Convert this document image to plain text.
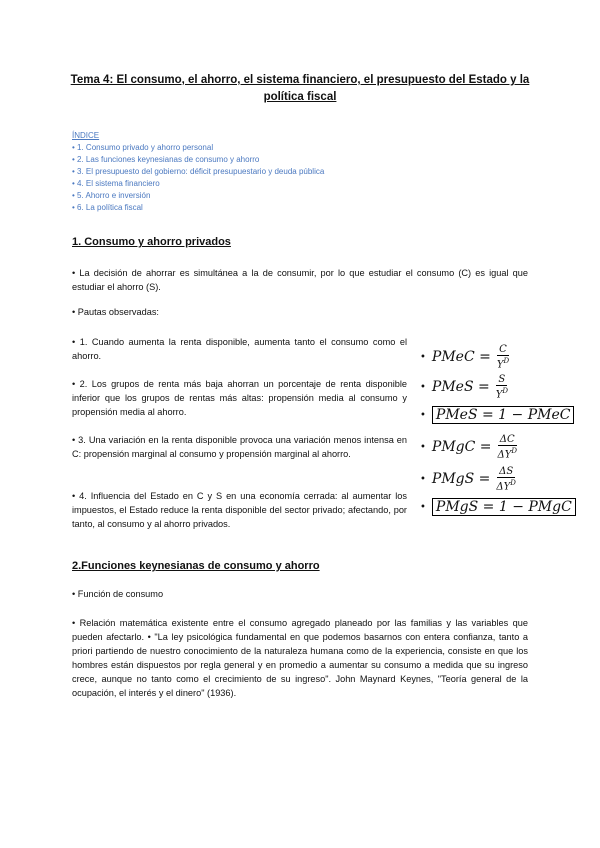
Tema 4: El consumo, el ahorro, el sistema financiero, el presupuesto del Estado y la política fiscal
ÍNDICE
• 1. Consumo privado y ahorro personal
• 2. Las funciones keynesianas de consumo y ahorro
• 3. El presupuesto del gobierno: déficit presupuestario y deuda pública
• 4. El sistema financiero
• 5. Ahorro e inversión
• 6. La política fiscal
1. Consumo y ahorro privados
• La decisión de ahorrar es simultánea a la de consumir, por lo que estudiar el consumo (C) es igual que estudiar el ahorro (S).
• Pautas observadas:
• 1. Cuando aumenta la renta disponible, aumenta tanto el consumo como el ahorro.
• 2. Los grupos de renta más baja ahorran un porcentaje de renta disponible inferior que los grupos de rentas más altas: propensión media al consumo y propensión media al ahorro.
• 3. Una variación en la renta disponible provoca una variación menos intensa en C: propensión marginal al consumo y propensión marginal al ahorro.
• 4. Influencia del Estado en C y S en una economía cerrada: al aumentar los impuestos, el Estado reduce la renta disponible del sector privado; afectando, por tanto, al consumo y al ahorro privados.
• PMeC = $\frac{C}{Y^D}$
• PMeS = $\frac{S}{Y^D}$
• PMeS = 1 − PMeC
• PMgC = $\frac{\Delta C}{\Delta Y^D}$
• PMgS = $\frac{\Delta S}{\Delta Y^D}$
• PMgS = 1 − PMgC
2.Funciones keynesianas de consumo y ahorro
• Función de consumo
• Relación matemática existente entre el consumo agregado planeado por las familias y las variables que pueden afectarlo. • "La ley psicológica fundamental en que podemos basarnos con entera confianza, tanto a priori partiendo de nuestro conocimiento de la naturaleza humana como de la experiencia, consiste en que los hombres están dispuestos por regla general y en promedio a aumentar su consumo a medida que su ingreso crece, aunque no tanto como el crecimiento de su ingreso". John Maynard Keynes, "Teoría general de la ocupación, el interés y el dinero" (1936).
